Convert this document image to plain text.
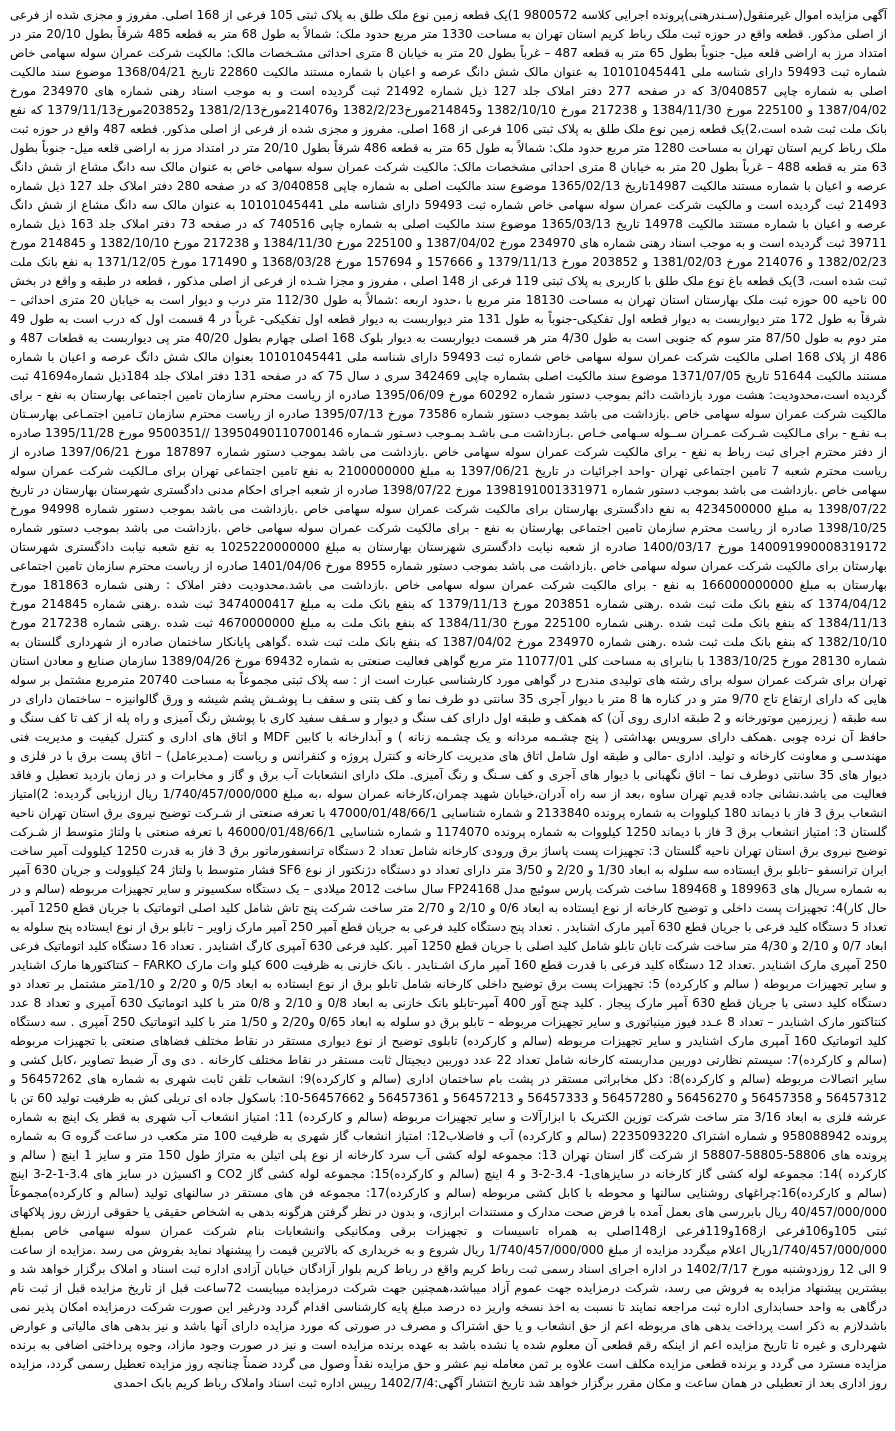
آگهی مزایده اموال غیرمنقول(سـندرهنی)پرونده اجرایی کلاسه 9800572 1)یک قطعه زمین نوع ملک طلق به پلاک ثبتی 105 فرعی از 168 اصلی. مفروز و مجزی شده از فرعی از اصلی مذکور. قطعه واقع در حوزه ثبت ملک رباط کریم استان تهران به مساحت 1330 متر مربع حدود ملک: شمالاً به طول 68 متر به قطعه 485 شرقاً بطول 20/10 متر در امتداد مرز به اراضی قلعه میل- جنوباً بطول 65 متر به قطعه 487 – غرباً بطول 20 متر به خیابان 8 متری احداثی مشـخصات مالک: مالکیت شرکت عمران سوله سهامی خاص شماره ثبت 59493 دارای شناسه ملی 10101045441 به عنوان مالک شش دانگ عرصه و اعیان با شماره مستند مالکیت 22860 تاریخ 1368/04/21 موضوع سند مالکیت اصلی به شماره چاپی 3/040857 که در صفحه 277 دفتر املاک جلد 127 ذیل شماره 21492 ثبت گردیده است و به موجب اسناد رهنی شماره های 234970 مورخ 1387/04/02 و 225100 مورخ 1384/11/30 و 217238 مورخ 1382/10/10 و214845مورخ1382/2/23 و214076مورخ1381/2/13 و203852مورخ1379/11/13 که نفع بانک ملت ثبت شده است،2)یک قطعه زمین نوع ملک طلق به پلاک ثبتی 106 فرعی از 168 اصلی. مفروز و مجزی شده از فرعی از اصلی مذکور. قطعه 487 واقع در حوزه ثبت ملک رباط کریم استان تهران به مساحت 1280 متر مربع حدود ملک: شمالاً به طول 65 متر به قطعه 486 شرقاً بطول 20/10 متر در امتداد مرز به اراضی قلعه میل- جنوباً بطول 63 متر به قطعه 488 – غرباً بطول 20 متر به خیابان 8 متری احداثی مشخصات مالک: مالکیت شرکت عمران سوله سهامی خاص به عنوان مالک سه دانگ مشاع از شش دانگ عرصه و اعیان با شماره مستند مالکیت 14987تاریخ 1365/02/13 موضوع سند مالکیت اصلی به شماره چاپی 3/040858 که در صفحه 280 دفتر املاک جلد 127 ذیل شماره 21493 ثبت گردیده است و مالکیت شرکت عمران سوله سهامی خاص شماره ثبت 59493 دارای شناسه ملی 10101045441 به عنوان مالک سه دانگ مشاع از شش دانگ عرصه و اعیان با شماره مستند مالکیت 14978 تاریخ 1365/03/13 موضوع سند مالکیت اصلی به شماره چاپی 740516 که در صفحه 73 دفتر املاک جلد 163 ذیل شماره 39711 ثبت گردیده است و به موجب اسناد رهنی شماره های 234970 مورخ 1387/04/02 و 225100 مورخ 1384/11/30 و 217238 مورخ 1382/10/10 و 214845 مورخ 1382/02/23 و 214076 مورخ 1381/02/03 و 203852 مورخ 1379/11/13 و 157666 و 157694 مورخ 1368/03/28 و 171490 مورخ 1371/12/05 به نفع بانک ملت ثبت شده است، 3)یک قطعه باغ نوع ملک طلق با کاربری به پلاک ثبتی 119 فرعی از 148 اصلی ، مفروز و مجزا شـده از فرعی از اصلی مذکور ، قطعه در طبقه و واقع در بخش 00 ناحیه 00 حوزه ثبت ملک بهارستان استان تهران به مساحت 18130 متر مربع با ،حدود اربعه :شمالاً به طول 112/30 متر درب و دیوار است به خیابان 20 متری احداثی – شرقاً به طول 172 متر دیواربست به دیوار قطعه اول تفکیکی-جنوباً به طول 131 متر دیواربست به دیوار قطعه اول تفکیکی- غرباً در 4 قسمت اول که درب است به طول 49 متر دوم به طول 87/50 متر سوم که جنوبی است به طول 4/30 متر هر قسمت دیواربست به دیوار بلوک 168 اصلی چهارم بطول 40/20 متر پی دیواربست به قطعات 487 و 486 از پلاک 168 اصلی مالکیت شرکت عمران سوله سهامی خاص شماره ثبت 59493 دارای شناسه ملی 10101045441 بعنوان مالک شش دانگ عرصه و اعیان با شماره مستند مالکیت 51644 تاریخ 1371/07/05 موضوع سند مالکیت اصلی بشماره چاپی 342469 سری د سال 75 که در صفحه 131 دفتر املاک جلد 184ذیل شماره41694 ثبت گردیده است،محدودیت: هشت مورد بازداشت دائم بموجب دستور شماره 60292 مورخ 1395/06/09 صادره از ریاست محترم سازمان تامین اجتماعی بهارستان به نفع - برای مالکیت شرکت عمران سوله سهامی خاص .بازداشت می باشد بموجب دستور شماره 73586 مورخ 1395/07/13 صادره از ریاست محترم سازمان تـامین اجتمـاعی بهارسـتان بـه نفـع - برای مـالکیت شـرکت عمـران ســوله سـهامی خـاص .بـازداشت مـی باشـد بمـوجب دسـتور شـماره 13950490110700146 //9500351 مورخ 1395/11/28 صادره از دفتر محترم اجرای ثبت رباط به نفع - برای مالکیت شرکت عمران سوله سهامی خاص .بازداشت می باشد بموجب دستور شماره 187897 مورخ 1397/06/21 صادره از ریاست محترم شعبه 7 تامین اجتماعی تهران -واحد اجرائیات در تاریخ 1397/06/21 به مبلغ 2100000000 به نفع تامین اجتماعی تهران برای مـالکیت شرکت عمران سوله سهامی خاص .بازداشت می باشد بموجب دستور شماره 1398191001331971 مورخ 1398/07/22 صادره از شعبه اجرای احکام مدنی دادگستری شهرستان بهارستان در تاریخ 1398/07/22 به مبلغ 4234500000 به نفع دادگستری بهارستان برای مالکیت شرکت عمران سوله سهامی خاص .بازداشت می باشد بموجب دستور شماره 94998 مورخ 1398/10/25 صادره از ریاست محترم سازمان تامین اجتماعی بهارستان به نفع - برای مالکیت شرکت عمران سوله سهامی خاص .بازداشت می باشد بموجب دستور شماره 140091990008319172 مورخ 1400/03/17 صادره از شعبه نیابت دادگستری شهرستان بهارستان به مبلغ 1025220000000 به نفع شعبه نیابت دادگستری شهرستان بهارستان برای مالکیت شرکت عمران سوله سهامی خاص .بازداشت می باشد بموجب دستور شماره 8955 مورخ 1401/04/06 صادره از ریاست محترم سازمان تامین اجتماعی بهارستان به مبلغ 166000000000 به نفع - برای مالکیت شرکت عمران سوله سهامی خاص .بازداشت می باشد.محدودیت دفتر املاک : رهنی شماره 181863 مورخ 1374/04/12 که بنفع بانک ملت ثبت شده .رهنی شماره 203851 مورخ 1379/11/13 که بنفع بانک ملت به مبلغ 3474000417 ثبت شده .رهنی شماره 214845 مورخ 1384/11/13 که بنفع بانک ملت ثبت شده .رهنی شماره 225100 مورخ 1384/11/30 که بنفع بانک ملت به مبلغ 4670000000 ثبت شده .رهنی شماره 217238 مورخ 1382/10/10 که بنفع بانک ملت ثبت شده .رهنی شماره 234970 مورخ 1387/04/02 که بنفع بانک ملت ثبت شده .گواهی پایانکار ساختمان صادره از شهرداری گلستان به شماره 28130 مورخ 1383/10/25 با بنابرای به مساحت کلی 11077/01 متر مربع گواهی فعالیت صنعتی به شماره 69432 مورخ 1389/04/26 سازمان صنایع و معادن استان تهران برای شرکت عمران سوله برای رشته های تولیدی مندرج در گواهی مورد کارشناسی عبارت است از : سه پلاک ثبتی مجموعاً به مساحت 20740 مترمربع مشتمل بر سوله هایی که دارای ارتفاع تاج 9/70 متر و در کناره ها 8 متر با دیوار آجری 35 سانتی دو طرف نما و کف بتنی و سقف بـا پوشـش پشم شیشه و ورق گالوانیزه – ساختمان دارای در سه طبقه ( زیرزمین موتورخانه و 2 طبقه اداری روی آن) که همکف و طبقه اول دارای کف سنگ و دیوار و سـقف سفید کاری با پوشش رنگ آمیزی و راه پله از کف تا کف سنگ و حافظ آن نرده چوبی .همکف دارای سرویس بهداشتی ( پنج چشـمه مردانه و یک چشـمه زنانه ) و آبدارخانه با کابین MDF و اتاق های اداری و کنترل کیفیت و مدیریت فنی مهندسـی و معاونت کارخانه و تولید. اداری -مالی و طبقه اول شامل اتاق های مدیریت کارخانه و کنترل پروژه و کنفرانس و ریاست (مـدیرعامل) – اتاق پست برق با در فلزی و دیوار های 35 سانتی دوطرف نما – اتاق نگهبانی با دیوار های آجری و کف سـنگ و رنگ آمیزی. ملک دارای انشعابات آب برق و گاز و مخابرات و در زمان بازدید تعطیل و فاقد فعالیت می باشد.نشانی جاده قدیم تهران ساوه ،بعد از سه راه آدران،خیابان شهید چمران،کارخانه عمران سوله ،به مبلغ 1/740/457/000/000 ریال ارزیابی گردیده: 2)امتیاز انشعاب برق 3 فاز با دیماند 180 کیلووات به شماره پرونده 2133840 و شماره شناسایی 47000/01/48/66/1 با تعرفه صنعتی از شـرکت توضیح نیروی برق استان تهران ناحیه گلستان 3: امتیاز انشعاب برق 3 فاز با دیماند 1250 کیلووات به شماره پرونده 1174070 و شماره شناسایی 46000/01/48/66/1 با تعرفه صنعتی با ولتاژ متوسط از شـرکت توضیح نیروی برق استان تهران ناحیه گلستان 3: تجهیزات پست پاساژ برق ورودی کارخانه شامل تعداد 2 دستگاه ترانسفورماتور برق 3 فاز به قدرت 1250 کیلوولت آمپر ساخت ایران ترانسفو –تابلو برق ایستاده سه سلوله به ابعاد 1/30 و 2/20 و 3/50 متر دارای تعداد دو دستگاه دژنکتور از نوع SF6 فشار متوسط با ولتاژ 24 کیلوولت و جریان 630 آمپر به شماره سریال های 189963 و 189468 ساخت شرکت پارس سوئیچ مدل FP24168 سال ساخت 2012 میلادی – یک دستگاه سکسیونر و سایر تجهیزات مربوطه (سالم و در حال کار)4: تجهیزات پست داخلی و توضیح کارخانه از نوع ایستاده به ابعاد 0/6 و 2/10 و 2/70 متر ساخت شرکت پنج تاش شامل کلید اصلی اتوماتیک با جریان قطع 1250 آمپر. تعداد 5 دستگاه کلید فرعی با جریان قطع 630 آمپر مارک اشنایدر . تعداد پنج دستگاه کلید فرعی به جریان قطع آمپر 250 آمپر مارک زاویر – تابلو برق از نوع ایستاده پنج سلوله به ابعاد 0/7 و 2/10 و 4/30 متر ساخت شرکت تابان تابلو شامل کلید اصلی با جریان قطع 1250 آمپر .کلید فرعی 630 آمپری کارگ اشنایدر . تعداد 16 دستگاه کلید اتوماتیک فرعی 250 آمپری مارک اشنایدر .تعداد 12 دستگاه کلید فرعی با قدرت قطع 160 آمپر مارک اشـنایدر . بانک خازنی به ظرفیت 600 کیلو وات مارک FARKO – کنتاکتورها مارک اشنایدر و سایر تجهیزات مربوطه ( سالم و کارکرده) 5: تجهیزات پست برق توضیح داخلی کارخانه شامل تابلو برق از نوع ایستاده به ابعاد 0/5 و 2/20 و 1/10متر مشتمل بر تعداد دو دستگاه کلید دستی با جریان قطع 630 آمپر مارک پیجاز . کلید چنج آور 400 آمپر-تابلو بانک خازنی به ابعاد 0/8 و 2/10 و 0/8 متر با کلید اتوماتیک 630 آمپری و تعداد 8 عدد کنتاکتور مارک اشنایدر – تعداد 8 عـدد فیوز مینیاتوری و سایر تجهیزات مربوطه – تابلو برق دو سلوله به ابعاد 0/65 و2/20 و 1/50 متر با کلید اتوماتیک 250 آمپری . سه دستگاه کلید اتوماتیک 160 آمپری مارک اشنایدر و سایر تجهیزات مربوطه (سالم و کارکرده) تابلوی توضیح از نوع دیواری مستقر در نقاط مختلف فضاهای صنعتی با تجهیزات مربوطه (سالم و کارکرده)7: سیستم نظارتی دوربین مداربسته کارخانه شامل تعداد 22 عدد دوربین دیجیتال ثابت مستقر در نقاط مختلف کارخانه . دی وی آر ضبط تصاویر ،کابل کشی و سایر اتصالات مربوطه (سالم و کارکرده)8: دکل مخابراتی مستقر در پشت بام ساختمان اداری (سالم و کارکرده)9: انشعاب تلفن ثابت شهری به شماره های 56457262 و 56457312 و 56457358 و 56456270 و 56457280 و 56457333 و 56457213 و 56457361 و 56457662-10: باسکول جاده ای تریلی کش به ظرفیت تولید 60 تن با عرشه فلزی به ابعاد 3/16 متر ساخت شرکت توزین الکتریک با ابزارآلات و سایر تجهیزات مربوطه (سالم و کارکرده) 11: امتیاز انشعاب آب شهری به قطر یک اینچ به شماره پرونده 958088942 و شماره اشتراک 2235093220 (سالم و کارکرده) آب و فاضلاب12: امتیاز انشعاب گاز شهری به ظرفیت 100 متر مکعب در ساعت گروه G به شماره پرونده های 58806-58805-58807 از شرکت گاز استان تهران 13: مجموعه لوله کشی آب سرد کارخانه از نوع پلی اتیلن به متراژ طول 150 متر و سایز 1 اینچ ( سالم و کارکرده )14: مجموعه لوله کشی گاز کارخانه در سایزهای1- 3.4-2-3 و 4 اینچ (سالم و کارکرده)15: مجموعه لوله کشی گاز CO2 و اکسیژن در سایز های 3.4-1-2-3 اینچ (سالم و کارکرده)16:چراغهای روشنایی سالنها و محوطه با کابل کشی مربوطه (سالم و کارکرده)17: مجموعه فن های مستقر در سالنهای تولید (سالم و کارکرده)مجموعاً 40/457/000/000 ریال بابررسی های بعمل آمده با فرض صحت مدارک و مستندات ابرازی، و بدون در نظر گرفتن هرگونه بدهی به اشخاص حقیقی یا حقوقی ارزش روز پلاکهای ثبتی 105و106فرعی از168و119فرعی از148اصلی به همراه تاسیسات و تجهیزات برقی ومکانیکی وانشعابات بنام شرکت عمران سوله سهامی خاص بمبلغ 1/740/457/000/000ریال اعلام میگردد مزایده از مبلغ 1/740/457/000/000 ریال شروع و به خریداری که بالاترین قیمت را پیشنهاد نماید بفروش می رسد .مزایده از ساعت 9 الی 12 روزدوشنبه مورخ 1402/7/17 در اداره اجرای اسناد رسمی ثبت رباط کریم واقع در رباط کریم بلوار آزادگان خیابان آزادی اداره ثبت اسناد و املاک برگزار خواهد شد و بیشترین پیشنهاد مزایده به فروش می رسد، شرکت درمزایده جهت عموم آزاد میباشد،همچنین جهت شرکت درمزایده میبایست 72ساعت قبل از تاریخ مزایده قبل از ثبت نام درگاهی به واحد حسابداری اداره ثبت مراجعه نمایند تا نسبت به اخذ نسخه واریز ده درصد مبلغ پایه کارشناسی اقدام گردد ودرغیر این صورت شرکت درمزایده امکان پذیر نمی باشدلازم به ذکر است پرداخت بدهی های مربوطه اعم از حق انشعاب و یا حق اشتراک و مصرف در صورتی که مورد مزایده دارای آنها باشد و نیز بدهی های مالیاتی و عوارض شهرداری و غیره تا تاریخ مزایده اعم از اینکه رقم قطعی آن معلوم شده یا نشده باشد به عهده برنده مزایده است و نیز در صورت وجود مازاد، وجوه پرداختی اضافی به برنده مزایده مسترد می گردد و برنده قطعی مزایده مکلف است علاوه بر ثمن معامله نیم عشر و حق مزایده نقداً وصول می گردد ضمناً چنانچه روز مزایده تعطیل رسمی گردد، مزایده روز اداری بعد از تعطیلی در همان ساعت و مکان مقرر برگزار خواهد شد تاریخ انتشار آگهی:1402/7/4 رییس اداره ثبت اسناد واملاک رباط کریم بابک احمدی
